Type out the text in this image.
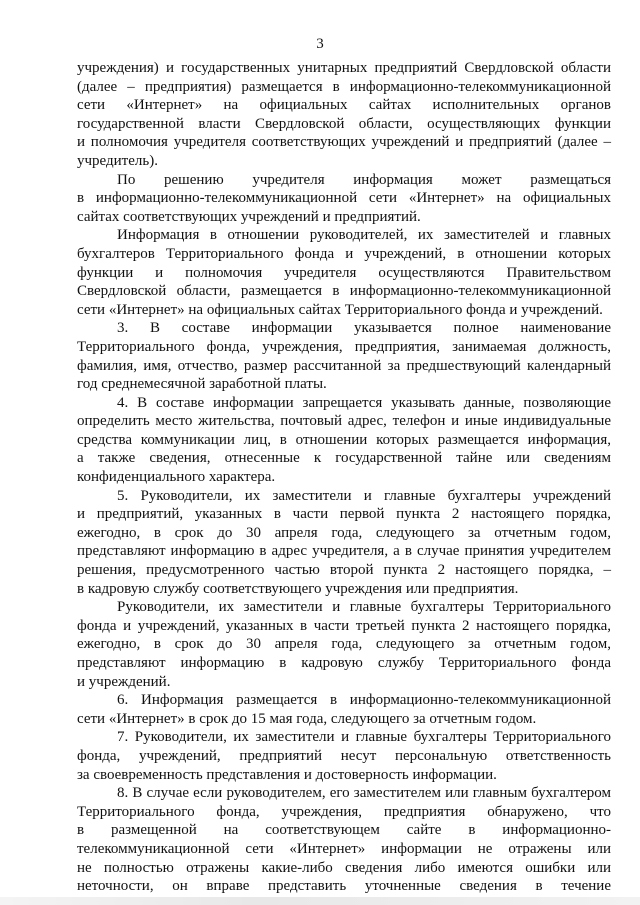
3
учреждения) и государственных унитарных предприятий Свердловской области
(далее – предприятия) размещается в информационно-телекоммуникационной
сети «Интернет» на официальных сайтах исполнительных органов
государственной власти Свердловской области, осуществляющих функции
и полномочия учредителя соответствующих учреждений и предприятий (далее –
учредитель).
По решению учредителя информация может размещаться
в информационно-телекоммуникационной сети «Интернет» на официальных
сайтах соответствующих учреждений и предприятий.
Информация в отношении руководителей, их заместителей и главных
бухгалтеров Территориального фонда и учреждений, в отношении которых
функции и полномочия учредителя осуществляются Правительством
Свердловской области, размещается в информационно-телекоммуникационной
сети «Интернет» на официальных сайтах Территориального фонда и учреждений.
3. В составе информации указывается полное наименование
Территориального фонда, учреждения, предприятия, занимаемая должность,
фамилия, имя, отчество, размер рассчитанной за предшествующий календарный
год среднемесячной заработной платы.
4. В составе информации запрещается указывать данные, позволяющие
определить место жительства, почтовый адрес, телефон и иные индивидуальные
средства коммуникации лиц, в отношении которых размещается информация,
а также сведения, отнесенные к государственной тайне или сведениям
конфиденциального характера.
5. Руководители, их заместители и главные бухгалтеры учреждений
и предприятий, указанных в части первой пункта 2 настоящего порядка,
ежегодно, в срок до 30 апреля года, следующего за отчетным годом,
представляют информацию в адрес учредителя, а в случае принятия учредителем
решения, предусмотренного частью второй пункта 2 настоящего порядка, –
в кадровую службу соответствующего учреждения или предприятия.
Руководители, их заместители и главные бухгалтеры Территориального
фонда и учреждений, указанных в части третьей пункта 2 настоящего порядка,
ежегодно, в срок до 30 апреля года, следующего за отчетным годом,
представляют информацию в кадровую службу Территориального фонда
и учреждений.
6. Информация размещается в информационно-телекоммуникационной
сети «Интернет» в срок до 15 мая года, следующего за отчетным годом.
7. Руководители, их заместители и главные бухгалтеры Территориального
фонда, учреждений, предприятий несут персональную ответственность
за своевременность представления и достоверность информации.
8. В случае если руководителем, его заместителем или главным бухгалтером
Территориального фонда, учреждения, предприятия обнаружено, что
в размещенной на соответствующем сайте в информационно-
телекоммуникационной сети «Интернет» информации не отражены или
не полностью отражены какие-либо сведения либо имеются ошибки или
неточности, он вправе представить уточненные сведения в течение
